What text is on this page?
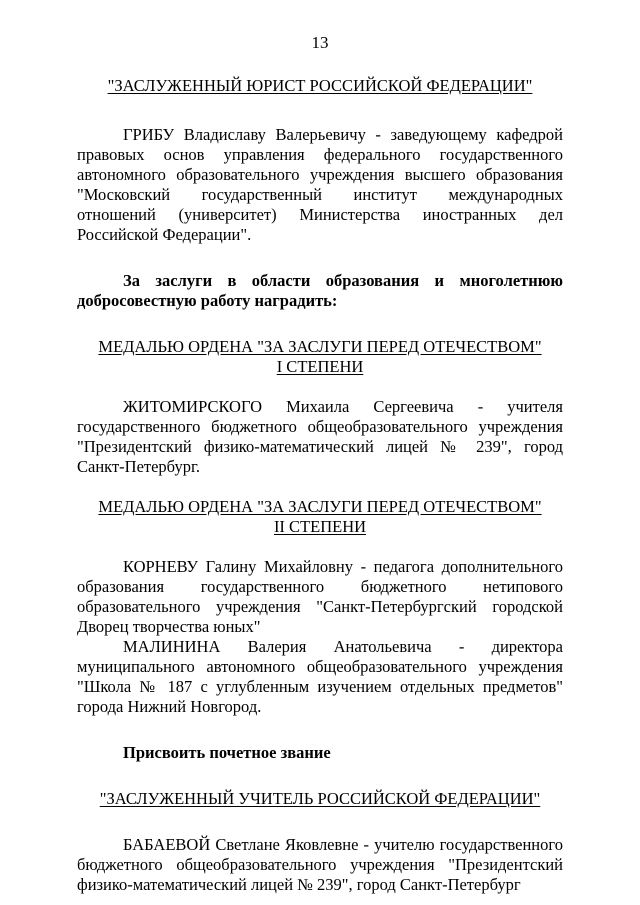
13
"ЗАСЛУЖЕННЫЙ ЮРИСТ РОССИЙСКОЙ ФЕДЕРАЦИИ"
ГРИБУ Владиславу Валерьевичу - заведующему кафедрой правовых основ управления федерального государственного автономного образовательного учреждения высшего образования "Московский государственный институт международных отношений (университет) Министерства иностранных дел Российской Федерации".
За заслуги в области образования и многолетнюю добросовестную работу наградить:
МЕДАЛЬЮ ОРДЕНА "ЗА ЗАСЛУГИ ПЕРЕД ОТЕЧЕСТВОМ"
I СТЕПЕНИ
ЖИТОМИРСКОГО Михаила Сергеевича - учителя государственного бюджетного общеобразовательного учреждения "Президентский физико-математический лицей № 239", город Санкт-Петербург.
МЕДАЛЬЮ ОРДЕНА "ЗА ЗАСЛУГИ ПЕРЕД ОТЕЧЕСТВОМ"
II СТЕПЕНИ
КОРНЕВУ Галину Михайловну - педагога дополнительного образования государственного бюджетного нетипового образовательного учреждения "Санкт-Петербургский городской Дворец творчества юных"
МАЛИНИНА Валерия Анатольевича - директора муниципального автономного общеобразовательного учреждения "Школа № 187 с углубленным изучением отдельных предметов" города Нижний Новгород.
Присвоить почетное звание
"ЗАСЛУЖЕННЫЙ УЧИТЕЛЬ РОССИЙСКОЙ ФЕДЕРАЦИИ"
БАБАЕВОЙ Светлане Яковлевне - учителю государственного бюджетного общеобразовательного учреждения "Президентский физико-математический лицей № 239", город Санкт-Петербург
